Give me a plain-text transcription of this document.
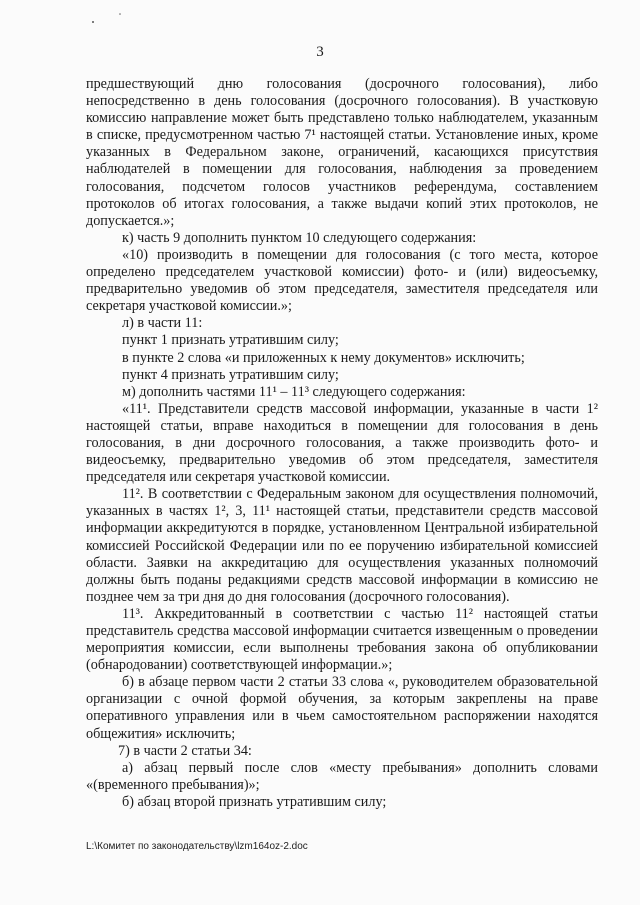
3

предшествующий дню голосования (досрочного голосования), либо непосредственно в день голосования (досрочного голосования). В участковую комиссию направление может быть представлено только наблюдателем, указанным в списке, предусмотренном частью 7¹ настоящей статьи. Установление иных, кроме указанных в Федеральном законе, ограничений, касающихся присутствия наблюдателей в помещении для голосования, наблюдения за проведением голосования, подсчетом голосов участников референдума, составлением протоколов об итогах голосования, а также выдачи копий этих протоколов, не допускается.»;

к) часть 9 дополнить пунктом 10 следующего содержания:

«10) производить в помещении для голосования (с того места, которое определено председателем участковой комиссии) фото- и (или) видеосъемку, предварительно уведомив об этом председателя, заместителя председателя или секретаря участковой комиссии.»;

л) в части 11:

пункт 1 признать утратившим силу;

в пункте 2 слова «и приложенных к нему документов» исключить;

пункт 4 признать утратившим силу;

м) дополнить частями 11¹ – 11³ следующего содержания:

«11¹. Представители средств массовой информации, указанные в части 1² настоящей статьи, вправе находиться в помещении для голосования в день голосования, в дни досрочного голосования, а также производить фото- и видеосъемку, предварительно уведомив об этом председателя, заместителя председателя или секретаря участковой комиссии.

11². В соответствии с Федеральным законом для осуществления полномочий, указанных в частях 1², 3, 11¹ настоящей статьи, представители средств массовой информации аккредитуются в порядке, установленном Центральной избирательной комиссией Российской Федерации или по ее поручению избирательной комиссией области. Заявки на аккредитацию для осуществления указанных полномочий должны быть поданы редакциями средств массовой информации в комиссию не позднее чем за три дня до дня голосования (досрочного голосования).

11³. Аккредитованный в соответствии с частью 11² настоящей статьи представитель средства массовой информации считается извещенным о проведении мероприятия комиссии, если выполнены требования закона об опубликовании (обнародовании) соответствующей информации.»;

б) в абзаце первом части 2 статьи 33 слова «, руководителем образовательной организации с очной формой обучения, за которым закреплены на праве оперативного управления или в чьем самостоятельном распоряжении находятся общежития» исключить;

7) в части 2 статьи 34:

а) абзац первый после слов «месту пребывания» дополнить словами «(временного пребывания)»;

б) абзац второй признать утратившим силу;

L:\Комитет по законодательству\lzm164oz-2.doc
